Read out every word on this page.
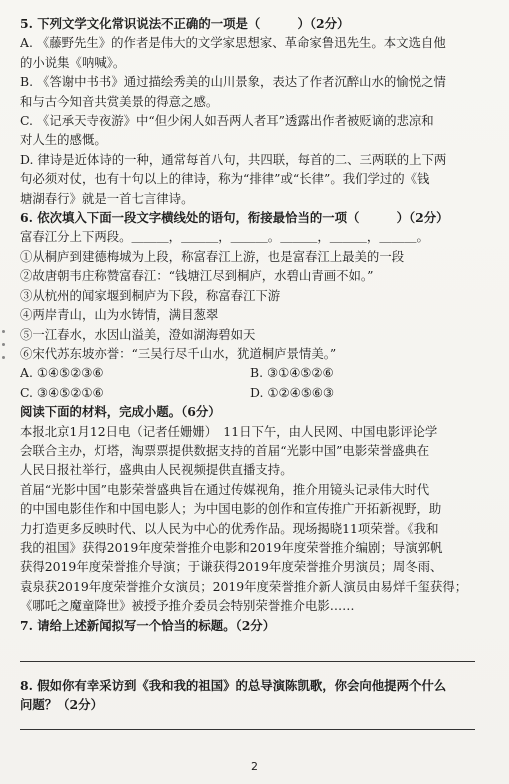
5. 下列文学文化常识说法不正确的一项是（　　　）（2分）
A. 《藤野先生》的作者是伟大的文学家思想家、革命家鲁迅先生。本文选自他
的小说集《呐喊》。
B. 《答谢中书书》通过描绘秀美的山川景象，表达了作者沉醉山水的愉悦之情
和与古今知音共赏美景的得意之感。
C. 《记承天寺夜游》中“但少闲人如吾两人者耳”透露出作者被贬谪的悲凉和
对人生的感慨。
D. 律诗是近体诗的一种，通常每首八句，共四联，每首的二、三两联的上下两
句必须对仗，也有十句以上的律诗，称为“排律”或“长律”。我们学过的《钱
塘湖春行》就是一首七言律诗。
6. 依次填入下面一段文字横线处的语句，衔接最恰当的一项（　　　）（2分）
富春江分上下两段。＿＿＿，＿＿＿，＿＿＿。＿＿＿，＿＿＿，＿＿＿。
①从桐庐到建德梅城为上段，称富春江上游，也是富春江上最美的一段
②故唐朝韦庄称赞富春江：“钱塘江尽到桐庐，水碧山青画不如。”
③从杭州的闻家堰到桐庐为下段，称富春江下游
④两岸青山，山为水铸情，满目葱翠
⑤一江春水，水因山溢美，澄如湖海碧如天
⑥宋代苏东坡亦誉：“三吴行尽千山水，犹道桐庐景情美。”
A. ①④⑤②③⑥	B. ③①④⑤②⑥
C. ③④⑤②①⑥	D. ①②④⑤⑥③
阅读下面的材料，完成小题。（6分）
本报北京1月12日电（记者任姗姗）　11日下午，由人民网、中国电影评论学
会联合主办，灯塔，淘票票提供数据支持的首届“光影中国”电影荣誉盛典在
人民日报社举行，盛典由人民视频提供直播支持。
首届“光影中国”电影荣誉盛典旨在通过传媒视角，推介用镜头记录伟大时代
的中国电影佳作和中国电影人；为中国电影的创作和宣传推广开拓新视野，助
力打造更多反映时代、以人民为中心的优秀作品。现场揭晓11项荣誉。《我和
我的祖国》获得2019年度荣誉推介电影和2019年度荣誉推介编剧；导演郭帆
获得2019年度荣誉推介导演；于谦获得2019年度荣誉推介男演员；周冬雨、
袁泉获2019年度荣誉推介女演员；2019年度荣誉推介新人演员由易烊千玺获得；
《哪吒之魔童降世》被授予推介委员会特别荣誉推介电影……
7. 请给上述新闻拟写一个恰当的标题。（2分）
8. 假如你有幸采访到《我和我的祖国》的总导演陈凯歌，你会向他提两个什么
问题？（2分）
2
